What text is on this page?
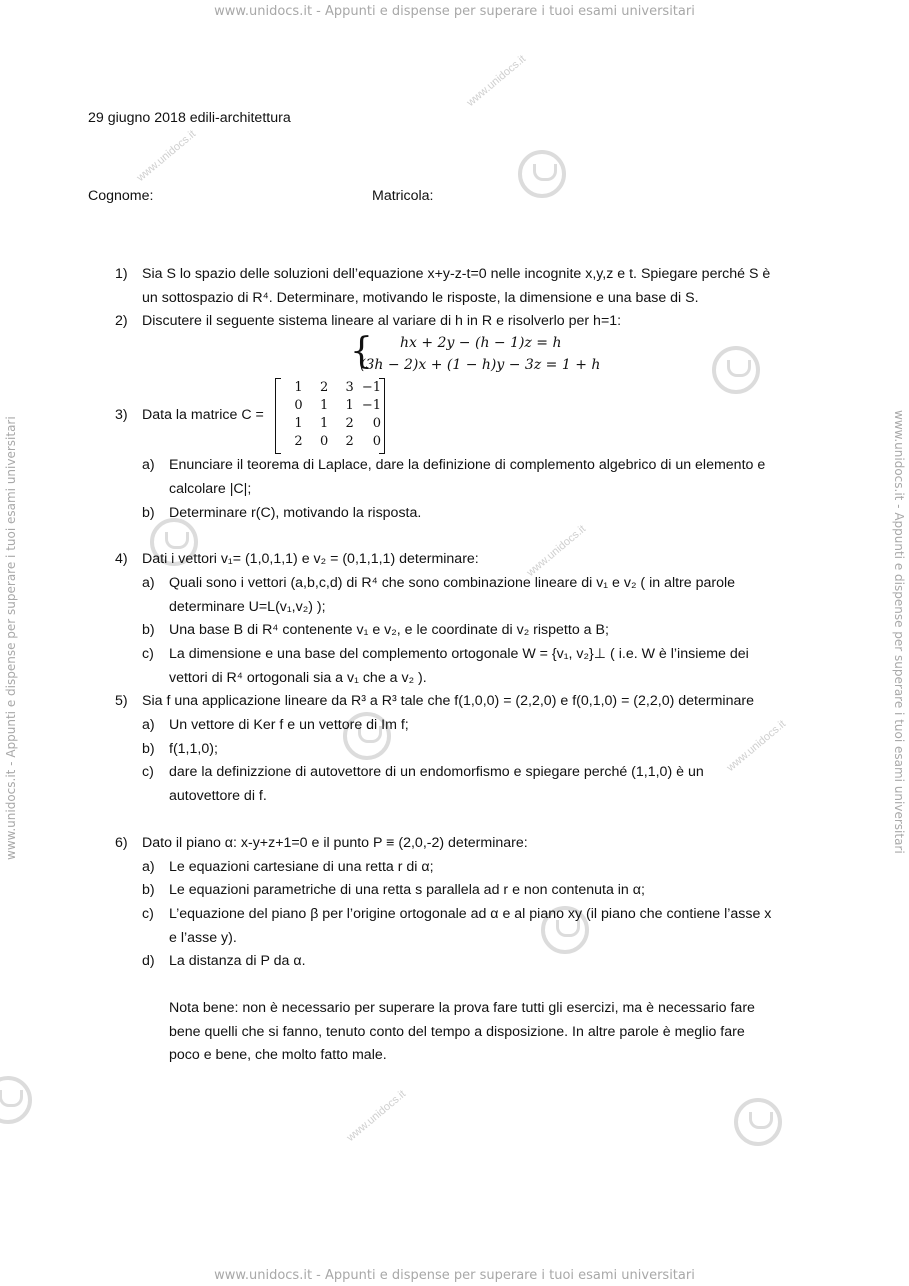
www.unidocs.it - Appunti e dispense per superare i tuoi esami universitari
www.unidocs.it - Appunti e dispense per superare i tuoi esami universitari
www.unidocs.it - Appunti e dispense per superare i tuoi esami universitari	www.unidocs.it - Appunti e dispense per superare i tuoi esami universitari
www.unidocs.it
www.unidocs.it
www.unidocs.it
www.unidocs.it
www.unidocs.it
29 giugno 2018 edili-architettura
Cognome:	Matricola:
1) Sia S lo spazio delle soluzioni dell’equazione x+y-z-t=0 nelle incognite x,y,z e t. Spiegare perché S è
un sottospazio di R⁴. Determinare, motivando le risposte, la dimensione e una base di S.
2) Discutere il seguente sistema lineare al variare di h in R e risolverlo per h=1:
{ hx + 2y − (h − 1)z = h
(3h − 2)x + (1 − h)y − 3z = 1 + h
3) Data la matrice C =
1	2	3	−1
0	1	1	−1
1	1	2	0
2	0	2	0
a) Enunciare il teorema di Laplace, dare la definizione di complemento algebrico di un elemento e
calcolare |C|;
b) Determinare r(C), motivando la risposta.
4) Dati i vettori v₁= (1,0,1,1) e v₂ = (0,1,1,1) determinare:
a) Quali sono i vettori (a,b,c,d) di R⁴ che sono combinazione lineare di v₁ e v₂ ( in altre parole
determinare U=L(v₁,v₂) );
b) Una base B di R⁴ contenente v₁ e v₂, e le coordinate di v₂ rispetto a B;
c) La dimensione e una base del complemento ortogonale W = {v₁, v₂}⊥ ( i.e. W è l’insieme dei
vettori di R⁴ ortogonali sia a v₁ che a v₂ ).
5) Sia f una applicazione lineare da R³ a R³ tale che f(1,0,0) = (2,2,0) e f(0,1,0) = (2,2,0) determinare
a) Un vettore di Ker f e un vettore di Im f;
b) f(1,1,0);
c) dare la definizzione di autovettore di un endomorfismo e spiegare perché (1,1,0) è un
autovettore di f.
6) Dato il piano α: x-y+z+1=0 e il punto P ≡ (2,0,-2) determinare:
a) Le equazioni cartesiane di una retta r di α;
b) Le equazioni parametriche di una retta s parallela ad r e non contenuta in α;
c) L’equazione del piano β per l’origine ortogonale ad α e al piano xy (il piano che contiene l’asse x
e l’asse y).
d) La distanza di P da α.
Nota bene: non è necessario per superare la prova fare tutti gli esercizi, ma è necessario fare
bene quelli che si fanno, tenuto conto del tempo a disposizione. In altre parole è meglio fare
poco e bene, che molto fatto male.
